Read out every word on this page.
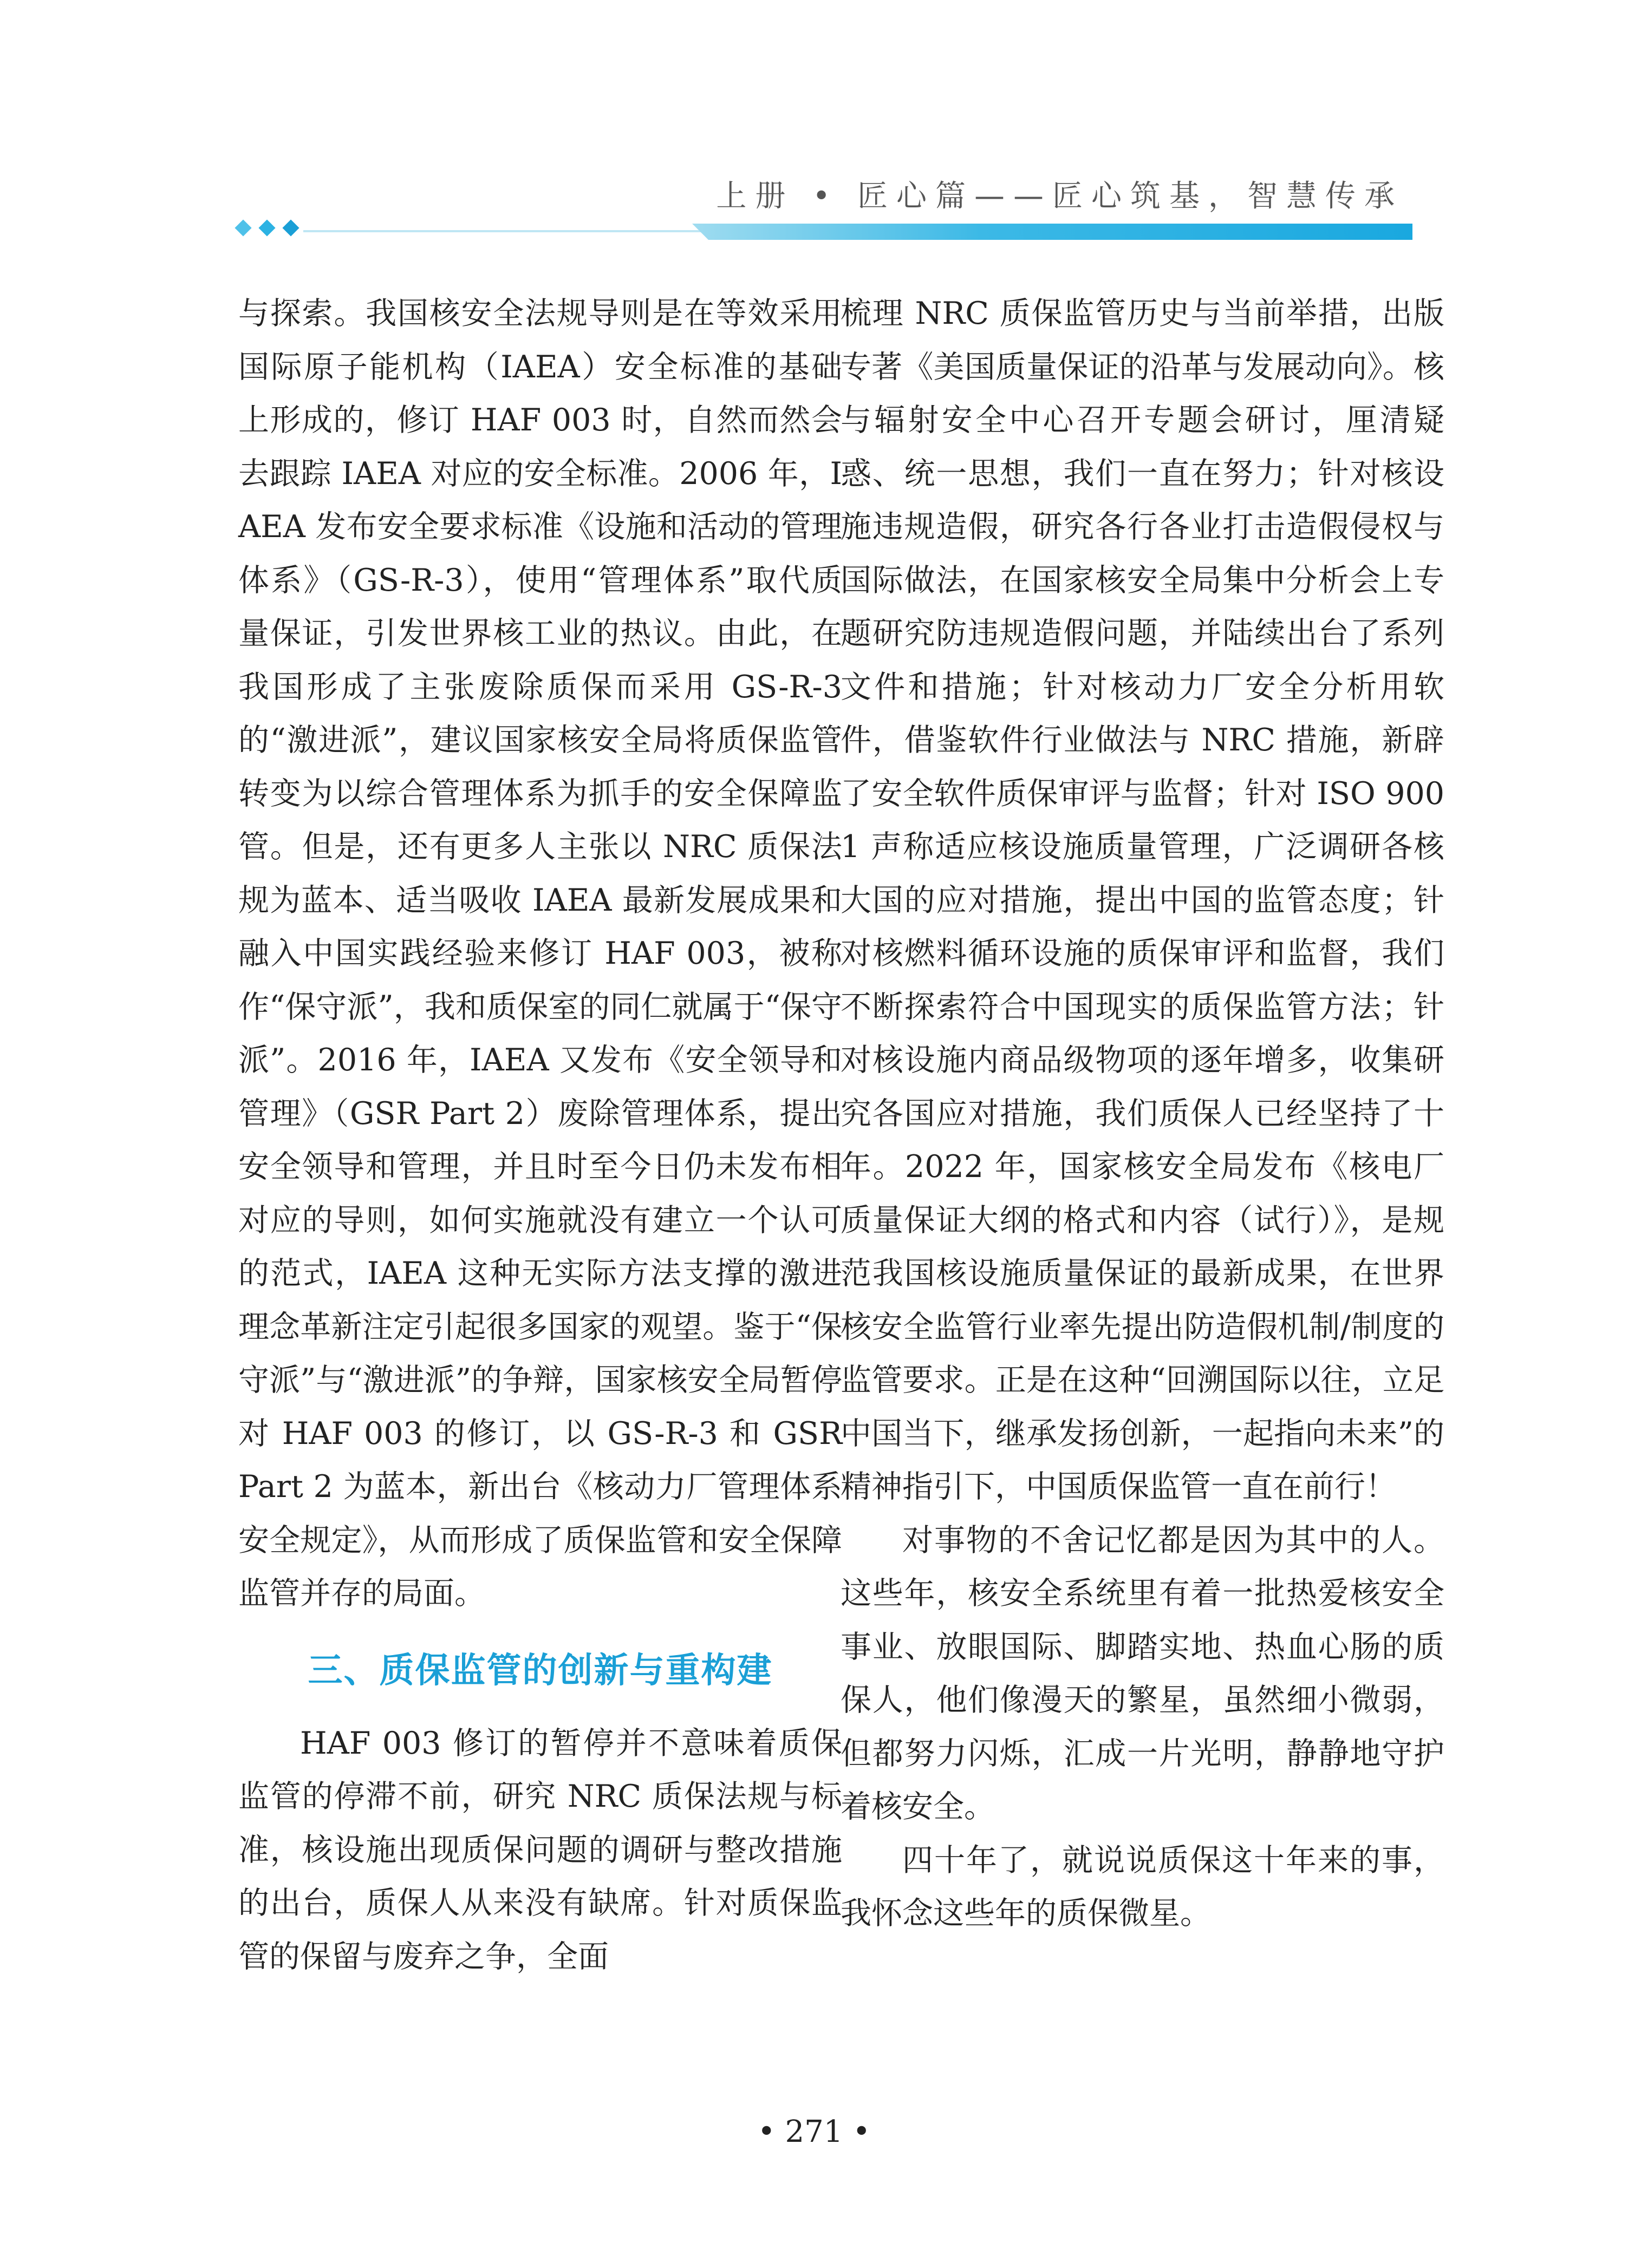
上册 • 匠心篇——匠心筑基，智慧传承

与探索。我国核安全法规导则是在等效采用国际原子能机构（IAEA）安全标准的基础上形成的，修订 HAF 003 时，自然而然会去跟踪 IAEA 对应的安全标准。2006 年，IAEA 发布安全要求标准《设施和活动的管理体系》（GS-R-3），使用“管理体系”取代质量保证，引发世界核工业的热议。由此，在我国形成了主张废除质保而采用 GS-R-3 的“激进派”，建议国家核安全局将质保监管转变为以综合管理体系为抓手的安全保障监管。但是，还有更多人主张以 NRC 质保法规为蓝本、适当吸收 IAEA 最新发展成果和融入中国实践经验来修订 HAF 003，被称作“保守派”，我和质保室的同仁就属于“保守派”。2016 年，IAEA 又发布《安全领导和管理》（GSR Part 2）废除管理体系，提出安全领导和管理，并且时至今日仍未发布相对应的导则，如何实施就没有建立一个认可的范式，IAEA 这种无实际方法支撑的激进理念革新注定引起很多国家的观望。鉴于“保守派”与“激进派”的争辩，国家核安全局暂停对 HAF 003 的修订，以 GS-R-3 和 GSR Part 2 为蓝本，新出台《核动力厂管理体系安全规定》，从而形成了质保监管和安全保障监管并存的局面。

三、质保监管的创新与重构建

HAF 003 修订的暂停并不意味着质保监管的停滞不前，研究 NRC 质保法规与标准，核设施出现质保问题的调研与整改措施的出台，质保人从来没有缺席。针对质保监管的保留与废弃之争，全面

梳理 NRC 质保监管历史与当前举措，出版专著《美国质量保证的沿革与发展动向》。核与辐射安全中心召开专题会研讨，厘清疑惑、统一思想，我们一直在努力；针对核设施违规造假，研究各行各业打击造假侵权与国际做法，在国家核安全局集中分析会上专题研究防违规造假问题，并陆续出台了系列文件和措施；针对核动力厂安全分析用软件，借鉴软件行业做法与 NRC 措施，新辟了安全软件质保审评与监督；针对 ISO 9001 声称适应核设施质量管理，广泛调研各核大国的应对措施，提出中国的监管态度；针对核燃料循环设施的质保审评和监督，我们不断探索符合中国现实的质保监管方法；针对核设施内商品级物项的逐年增多，收集研究各国应对措施，我们质保人已经坚持了十年。2022 年，国家核安全局发布《核电厂质量保证大纲的格式和内容（试行）》，是规范我国核设施质量保证的最新成果，在世界核安全监管行业率先提出防造假机制/制度的监管要求。正是在这种“回溯国际以往，立足中国当下，继承发扬创新，一起指向未来”的精神指引下，中国质保监管一直在前行！

对事物的不舍记忆都是因为其中的人。这些年，核安全系统里有着一批热爱核安全事业、放眼国际、脚踏实地、热血心肠的质保人，他们像漫天的繁星，虽然细小微弱，但都努力闪烁，汇成一片光明，静静地守护着核安全。

四十年了，就说说质保这十年来的事，我怀念这些年的质保微星。

• 271 •
